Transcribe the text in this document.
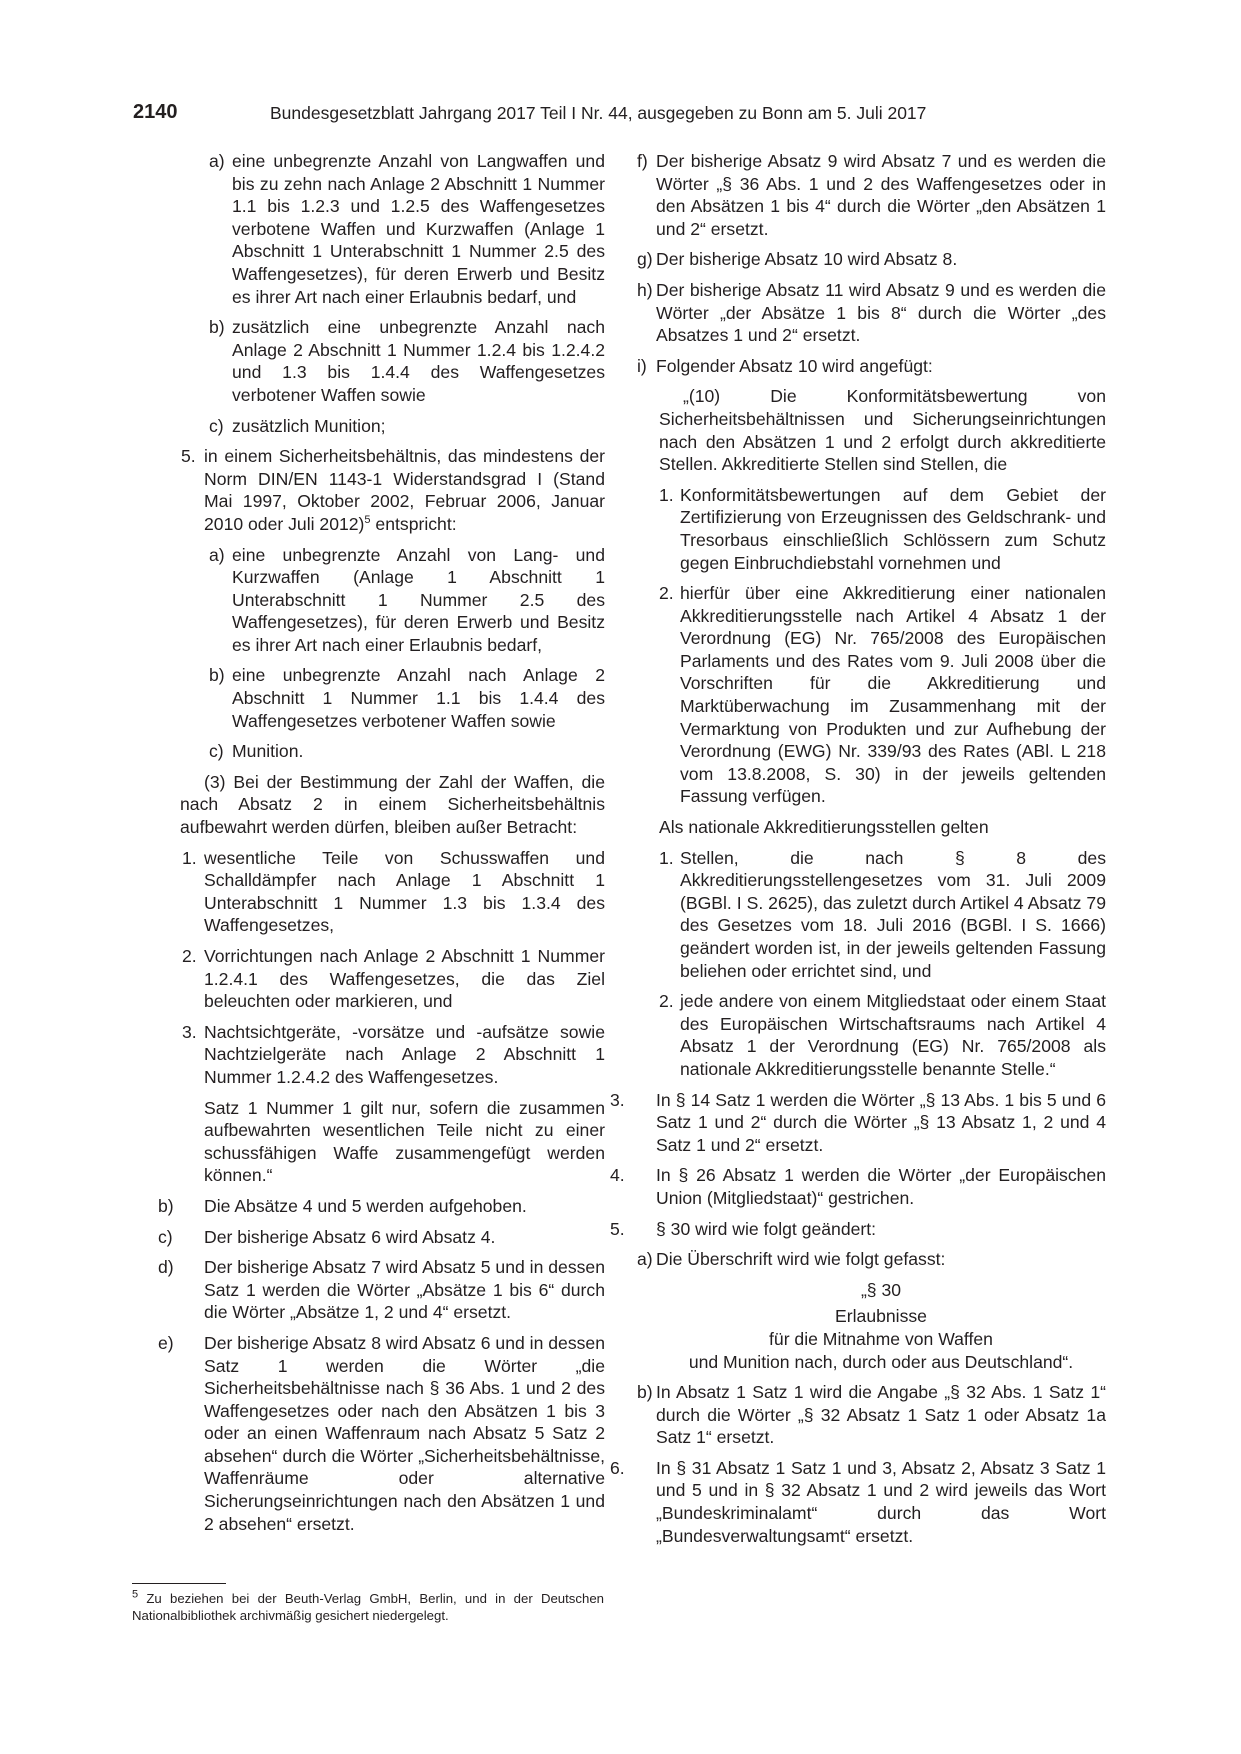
2140	Bundesgesetzblatt Jahrgang 2017 Teil I Nr. 44, ausgegeben zu Bonn am 5. Juli 2017

a) eine unbegrenzte Anzahl von Langwaffen und bis zu zehn nach Anlage 2 Abschnitt 1 Nummer 1.1 bis 1.2.3 und 1.2.5 des Waffengesetzes verbotene Waffen und Kurzwaffen (Anlage 1 Abschnitt 1 Unterabschnitt 1 Nummer 2.5 des Waffengesetzes), für deren Erwerb und Besitz es ihrer Art nach einer Erlaubnis bedarf, und

b) zusätzlich eine unbegrenzte Anzahl nach Anlage 2 Abschnitt 1 Nummer 1.2.4 bis 1.2.4.2 und 1.3 bis 1.4.4 des Waffengesetzes verbotener Waffen sowie

c) zusätzlich Munition;

5. in einem Sicherheitsbehältnis, das mindestens der Norm DIN/EN 1143-1 Widerstandsgrad I (Stand Mai 1997, Oktober 2002, Februar 2006, Januar 2010 oder Juli 2012)$^5$ entspricht:

a) eine unbegrenzte Anzahl von Lang- und Kurzwaffen (Anlage 1 Abschnitt 1 Unterabschnitt 1 Nummer 2.5 des Waffengesetzes), für deren Erwerb und Besitz es ihrer Art nach einer Erlaubnis bedarf,

b) eine unbegrenzte Anzahl nach Anlage 2 Abschnitt 1 Nummer 1.1 bis 1.4.4 des Waffengesetzes verbotener Waffen sowie

c) Munition.

(3) Bei der Bestimmung der Zahl der Waffen, die nach Absatz 2 in einem Sicherheitsbehältnis aufbewahrt werden dürfen, bleiben außer Betracht:

1. wesentliche Teile von Schusswaffen und Schalldämpfer nach Anlage 1 Abschnitt 1 Unterabschnitt 1 Nummer 1.3 bis 1.3.4 des Waffengesetzes,

2. Vorrichtungen nach Anlage 2 Abschnitt 1 Nummer 1.2.4.1 des Waffengesetzes, die das Ziel beleuchten oder markieren, und

3. Nachtsichtgeräte, -vorsätze und -aufsätze sowie Nachtzielgeräte nach Anlage 2 Abschnitt 1 Nummer 1.2.4.2 des Waffengesetzes.

Satz 1 Nummer 1 gilt nur, sofern die zusammen aufbewahrten wesentlichen Teile nicht zu einer schussfähigen Waffe zusammengefügt werden können.“

b) Die Absätze 4 und 5 werden aufgehoben.

c) Der bisherige Absatz 6 wird Absatz 4.

d) Der bisherige Absatz 7 wird Absatz 5 und in dessen Satz 1 werden die Wörter „Absätze 1 bis 6“ durch die Wörter „Absätze 1, 2 und 4“ ersetzt.

e) Der bisherige Absatz 8 wird Absatz 6 und in dessen Satz 1 werden die Wörter „die Sicherheitsbehältnisse nach § 36 Abs. 1 und 2 des Waffengesetzes oder nach den Absätzen 1 bis 3 oder an einen Waffenraum nach Absatz 5 Satz 2 absehen“ durch die Wörter „Sicherheitsbehältnisse, Waffenräume oder alternative Sicherungseinrichtungen nach den Absätzen 1 und 2 absehen“ ersetzt.

$^5$ Zu beziehen bei der Beuth-Verlag GmbH, Berlin, und in der Deutschen Nationalbibliothek archivmäßig gesichert niedergelegt.

f) Der bisherige Absatz 9 wird Absatz 7 und es werden die Wörter „§ 36 Abs. 1 und 2 des Waffengesetzes oder in den Absätzen 1 bis 4“ durch die Wörter „den Absätzen 1 und 2“ ersetzt.

g) Der bisherige Absatz 10 wird Absatz 8.

h) Der bisherige Absatz 11 wird Absatz 9 und es werden die Wörter „der Absätze 1 bis 8“ durch die Wörter „des Absatzes 1 und 2“ ersetzt.

i) Folgender Absatz 10 wird angefügt:

„(10) Die Konformitätsbewertung von Sicherheitsbehältnissen und Sicherungseinrichtungen nach den Absätzen 1 und 2 erfolgt durch akkreditierte Stellen. Akkreditierte Stellen sind Stellen, die

1. Konformitätsbewertungen auf dem Gebiet der Zertifizierung von Erzeugnissen des Geldschrank- und Tresorbaus einschließlich Schlössern zum Schutz gegen Einbruchdiebstahl vornehmen und

2. hierfür über eine Akkreditierung einer nationalen Akkreditierungsstelle nach Artikel 4 Absatz 1 der Verordnung (EG) Nr. 765/2008 des Europäischen Parlaments und des Rates vom 9. Juli 2008 über die Vorschriften für die Akkreditierung und Marktüberwachung im Zusammenhang mit der Vermarktung von Produkten und zur Aufhebung der Verordnung (EWG) Nr. 339/93 des Rates (ABl. L 218 vom 13.8.2008, S. 30) in der jeweils geltenden Fassung verfügen.

Als nationale Akkreditierungsstellen gelten

1. Stellen, die nach § 8 des Akkreditierungsstellengesetzes vom 31. Juli 2009 (BGBl. I S. 2625), das zuletzt durch Artikel 4 Absatz 79 des Gesetzes vom 18. Juli 2016 (BGBl. I S. 1666) geändert worden ist, in der jeweils geltenden Fassung beliehen oder errichtet sind, und

2. jede andere von einem Mitgliedstaat oder einem Staat des Europäischen Wirtschaftsraums nach Artikel 4 Absatz 1 der Verordnung (EG) Nr. 765/2008 als nationale Akkreditierungsstelle benannte Stelle.“

3. In § 14 Satz 1 werden die Wörter „§ 13 Abs. 1 bis 5 und 6 Satz 1 und 2“ durch die Wörter „§ 13 Absatz 1, 2 und 4 Satz 1 und 2“ ersetzt.

4. In § 26 Absatz 1 werden die Wörter „der Europäischen Union (Mitgliedstaat)“ gestrichen.

5. § 30 wird wie folgt geändert:

a) Die Überschrift wird wie folgt gefasst:

„§ 30

Erlaubnisse

für die Mitnahme von Waffen

und Munition nach, durch oder aus Deutschland“.

b) In Absatz 1 Satz 1 wird die Angabe „§ 32 Abs. 1 Satz 1“ durch die Wörter „§ 32 Absatz 1 Satz 1 oder Absatz 1a Satz 1“ ersetzt.

6. In § 31 Absatz 1 Satz 1 und 3, Absatz 2, Absatz 3 Satz 1 und 5 und in § 32 Absatz 1 und 2 wird jeweils das Wort „Bundeskriminalamt“ durch das Wort „Bundesverwaltungsamt“ ersetzt.
